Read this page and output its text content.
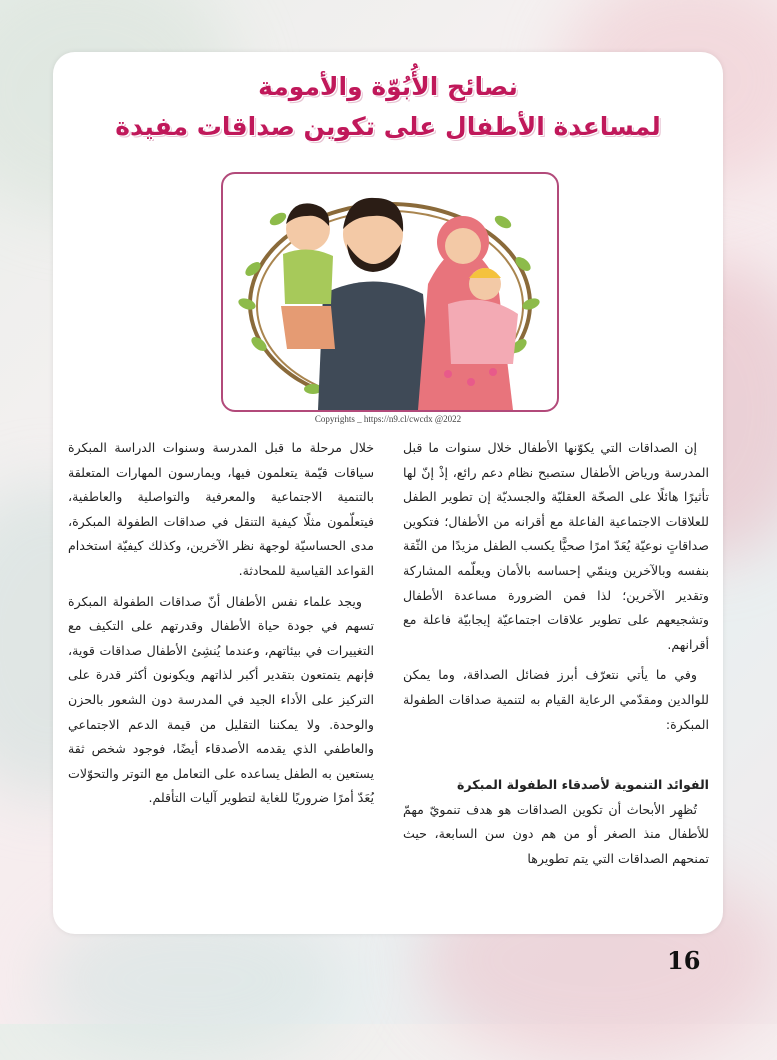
نصائح الأُبُوّة والأمومة
لمساعدة الأطفال على تكوين صداقات مفيدة
Copyrights _ https://n9.cl/cwcdx @2022

إن الصداقات التي يكوّنها الأطفال خلال سنوات ما قبل المدرسة ورياض الأطفال ستصبح نظام دعم رائع، إذْ إنّ لها تأثيرًا هائلًا على الصحّة العقليّة والجسديّة إن تطوير الطفل للعلاقات الاجتماعية الفاعلة مع أقرانه من الأطفال؛ فتكوين صداقاتٍ نوعيّة يُعَدّ امرًا صحيًّا يكسب الطفل مزيدًا من الثّقة بنفسه وبالآخرين وينمّي إحساسه بالأمان ويعلّمه المشاركة وتقدير الآخرين؛ لذا فمن الضرورة مساعدة الأطفال وتشجيعهم على تطوير علاقات اجتماعيّة إيجابيّة فاعلة مع أقرانهم.

وفي ما يأتي نتعرّف أبرز فضائل الصداقة، وما يمكن للوالدين ومقدّمي الرعاية القيام به لتنمية صداقات الطفولة المبكرة:

الفوائد التنموية لأصدقاء الطفولة المبكرة

تُظهِر الأبحاث أن تكوين الصداقات هو هدف تنمويّ مهمّ للأطفال منذ الصغر أو من هم دون سن السابعة، حيث تمنحهم الصداقات التي يتم تطويرها

خلال مرحلة ما قبل المدرسة وسنوات الدراسة المبكرة سياقات قيّمة يتعلمون فيها، ويمارسون المهارات المتعلقة بالتنمية الاجتماعية والمعرفية والتواصلية والعاطفية، فيتعلّمون مثلًا كيفية التنقل في صداقات الطفولة المبكرة، مدى الحساسيّة لوجهة نظر الآخرين، وكذلك كيفيّة استخدام القواعد القياسية للمحادثة.

ويجد علماء نفس الأطفال أنّ صداقات الطفولة المبكرة تسهم في جودة حياة الأطفال وقدرتهم على التكيف مع التغييرات في بيئاتهم، وعندما يُنشِئ الأطفال صداقات قوية، فإنهم يتمتعون بتقدير أكبر لذاتهم ويكونون أكثر قدرة على التركيز على الأداء الجيد في المدرسة دون الشعور بالحزن والوحدة. ولا يمكننا التقليل من قيمة الدعم الاجتماعي والعاطفي الذي يقدمه الأصدقاء أيضًا، فوجود شخص ثقة يستعين به الطفل يساعده على التعامل مع التوتر والتحوّلات يُعَدّ أمرًا ضروريًا للغاية لتطوير آليات التأقلم.

16
